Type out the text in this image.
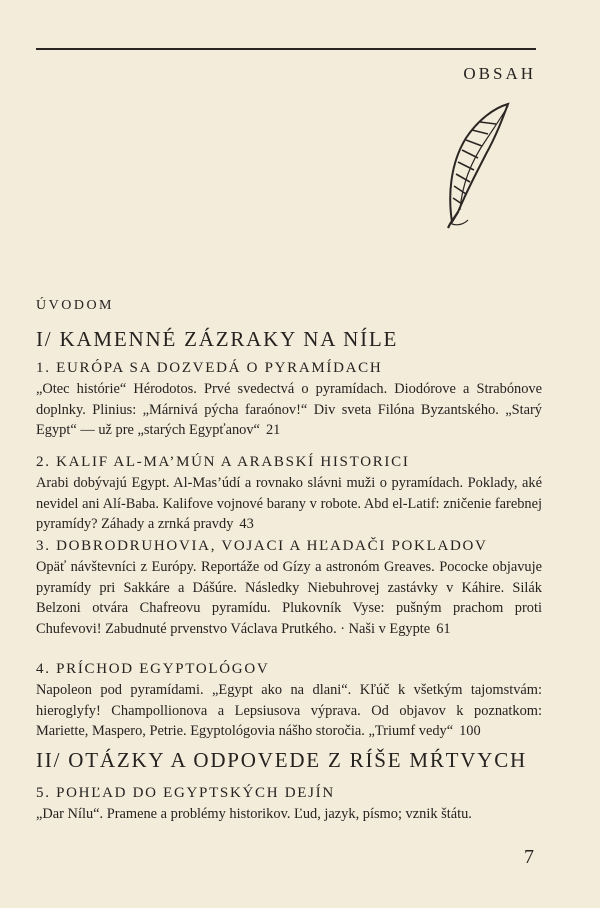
OBSAH
ÚVODOM
I/ KAMENNÉ ZÁZRAKY NA NÍLE
1. EURÓPA SA DOZVEDÁ O PYRAMÍDACH

„Otec histórie“ Hérodotos. Prvé svedectvá o pyramídach. Diodórove a Strabónove doplnky. Plinius: „Márnivá pýcha faraónov!“ Div sveta Filóna Byzantského. „Starý Egypt“ — už pre „starých Egypťanov“ 21

2. KALIF AL-MA’MÚN A ARABSKÍ HISTORICI

Arabi dobývajú Egypt. Al-Mas’údí a rovnako slávni muži o pyramídach. Poklady, aké nevidel ani Alí-Baba. Kalifove vojnové barany v robote. Abd el-Latif: zničenie farebnej pyramídy? Záhady a zrnká pravdy 43

3. DOBRODRUHOVIA, VOJACI A HĽADAČI POKLADOV

Opäť návštevníci z Európy. Reportáže od Gízy a astronóm Greaves. Pococke objavuje pyramídy pri Sakkáre a Dášúre. Následky Niebuhrovej zastávky v Káhire. Silák Belzoni otvára Chafreovu pyramídu. Plukovník Vyse: pušným prachom proti Chufevovi! Zabudnuté prvenstvo Václava Prutkého. · Naši v Egypte 61

4. PRÍCHOD EGYPTOLÓGOV

Napoleon pod pyramídami. „Egypt ako na dlani“. Kľúč k všetkým tajomstvám: hieroglyfy! Champollionova a Lepsiusova výprava. Od objavov k poznatkom: Mariette, Maspero, Petrie. Egyptológovia nášho storočia. „Triumf vedy“ 100

II/ OTÁZKY A ODPOVEDE Z RÍŠE MŔTVYCH
5. POHĽAD DO EGYPTSKÝCH DEJÍN

„Dar Nílu“. Pramene a problémy historikov. Ľud, jazyk, písmo; vznik štátu.

7
